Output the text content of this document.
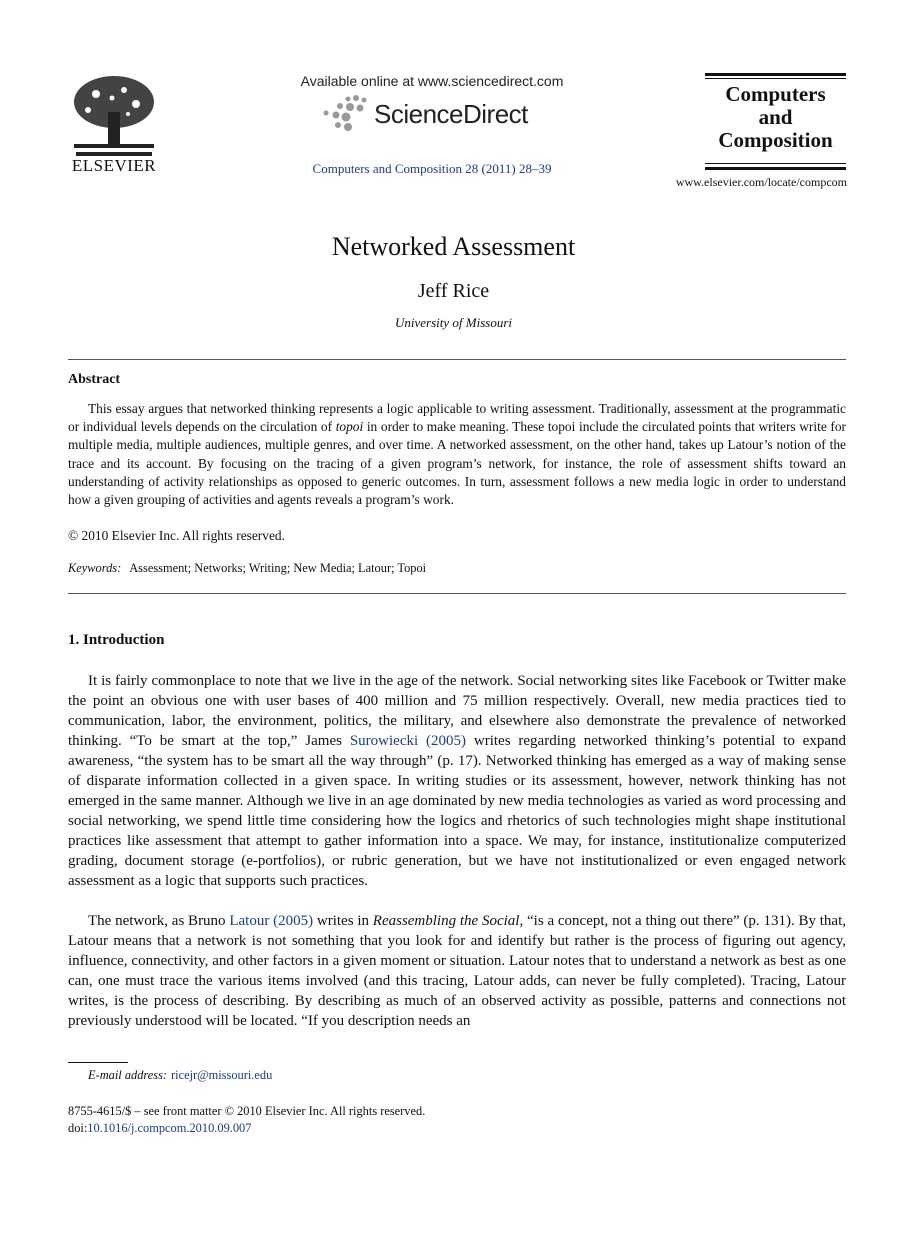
ELSEVIER
Available online at www.sciencedirect.com
ScienceDirect
Computers and Composition 28 (2011) 28–39
Computers
and
Composition
www.elsevier.com/locate/compcom
Networked Assessment
Jeff Rice
University of Missouri
Abstract
This essay argues that networked thinking represents a logic applicable to writing assessment. Traditionally, assessment at the programmatic or individual levels depends on the circulation of topoi in order to make meaning. These topoi include the circulated points that writers write for multiple media, multiple audiences, multiple genres, and over time. A networked assessment, on the other hand, takes up Latour’s notion of the trace and its account. By focusing on the tracing of a given program’s network, for instance, the role of assessment shifts toward an understanding of activity relationships as opposed to generic outcomes. In turn, assessment follows a new media logic in order to understand how a given grouping of activities and agents reveals a program’s work.
© 2010 Elsevier Inc. All rights reserved.
Keywords: Assessment; Networks; Writing; New Media; Latour; Topoi
1. Introduction
It is fairly commonplace to note that we live in the age of the network. Social networking sites like Facebook or Twitter make the point an obvious one with user bases of 400 million and 75 million respectively. Overall, new media practices tied to communication, labor, the environment, politics, the military, and elsewhere also demonstrate the prevalence of networked thinking. “To be smart at the top,” James Surowiecki (2005) writes regarding networked thinking’s potential to expand awareness, “the system has to be smart all the way through” (p. 17). Networked thinking has emerged as a way of making sense of disparate information collected in a given space. In writing studies or its assessment, however, network thinking has not emerged in the same manner. Although we live in an age dominated by new media technologies as varied as word processing and social networking, we spend little time considering how the logics and rhetorics of such technologies might shape institutional practices like assessment that attempt to gather information into a space. We may, for instance, institutionalize computerized grading, document storage (e-portfolios), or rubric generation, but we have not institutionalized or even engaged network assessment as a logic that supports such practices.
The network, as Bruno Latour (2005) writes in Reassembling the Social, “is a concept, not a thing out there” (p. 131). By that, Latour means that a network is not something that you look for and identify but rather is the process of figuring out agency, influence, connectivity, and other factors in a given moment or situation. Latour notes that to understand a network as best as one can, one must trace the various items involved (and this tracing, Latour adds, can never be fully completed). Tracing, Latour writes, is the process of describing. By describing as much of an observed activity as possible, patterns and connections not previously understood will be located. “If you description needs an
E-mail address: ricejr@missouri.edu
8755-4615/$ – see front matter © 2010 Elsevier Inc. All rights reserved.
doi:10.1016/j.compcom.2010.09.007
